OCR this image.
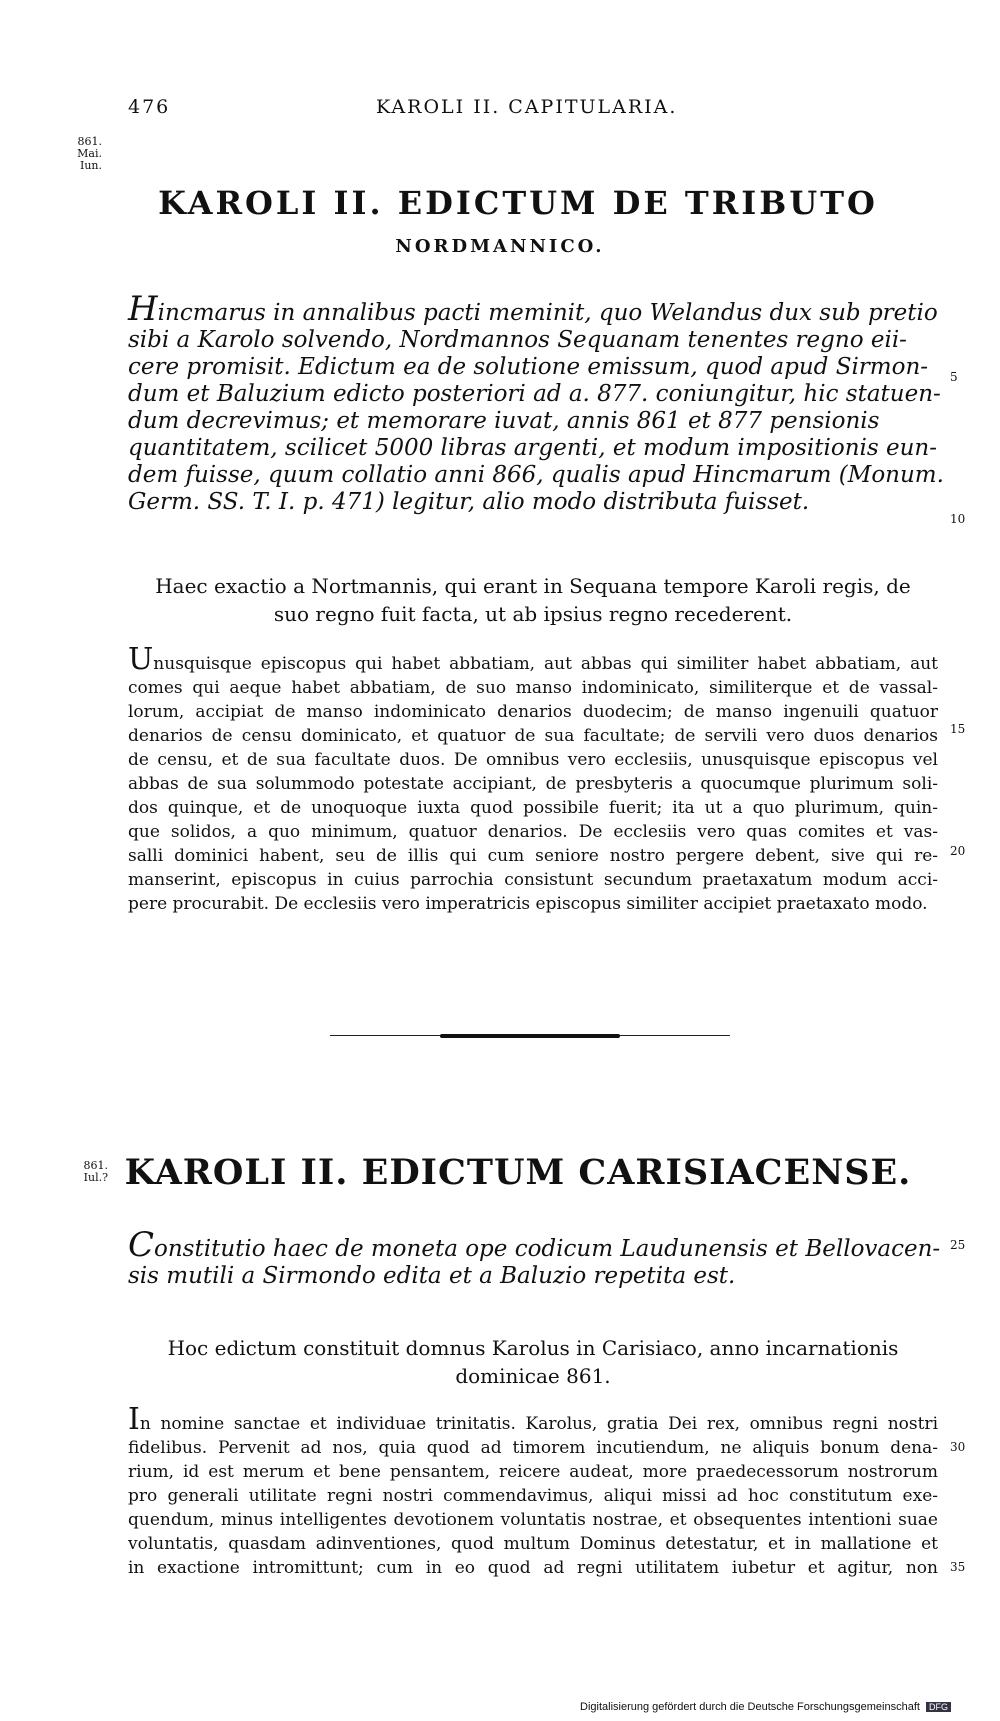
476	KAROLI II. CAPITULARIA.
861.
Mai.
Iun.
KAROLI II. EDICTUM DE TRIBUTO
NORDMANNICO.
Hincmarus in annalibus pacti meminit, quo Welandus dux sub pretio
sibi a Karolo solvendo, Nordmannos Sequanam tenentes regno eii-
cere promisit. Edictum ea de solutione emissum, quod apud Sirmon-
dum et Baluzium edicto posteriori ad a. 877. coniungitur, hic statuen-
dum decrevimus; et memorare iuvat, annis 861 et 877 pensionis
quantitatem, scilicet 5000 libras argenti, et modum impositionis eun-
dem fuisse, quum collatio anni 866, qualis apud Hincmarum (Monum.
Germ. SS. T. I. p. 471) legitur, alio modo distributa fuisset.
Haec exactio a Nortmannis, qui erant in Sequana tempore Karoli regis, de
suo regno fuit facta, ut ab ipsius regno recederent.
Unusquisque episcopus qui habet abbatiam, aut abbas qui similiter habet abbatiam, aut
comes qui aeque habet abbatiam, de suo manso indominicato, similiterque et de vassal-
lorum, accipiat de manso indominicato denarios duodecim; de manso ingenuili quatuor
denarios de censu dominicato, et quatuor de sua facultate; de servili vero duos denarios
de censu, et de sua facultate duos. De omnibus vero ecclesiis, unusquisque episcopus vel
abbas de sua solummodo potestate accipiant, de presbyteris a quocumque plurimum soli-
dos quinque, et de unoquoque iuxta quod possibile fuerit; ita ut a quo plurimum, quin-
que solidos, a quo minimum, quatuor denarios. De ecclesiis vero quas comites et vas-
salli dominici habent, seu de illis qui cum seniore nostro pergere debent, sive qui re-
manserint, episcopus in cuius parrochia consistunt secundum praetaxatum modum acci-
pere procurabit. De ecclesiis vero imperatricis episcopus similiter accipiet praetaxato modo.
5
10
15
20
861.
Iul.? KAROLI II. EDICTUM CARISIACENSE.
Constitutio haec de moneta ope codicum Laudunensis et Bellovacen-
sis mutili a Sirmondo edita et a Baluzio repetita est.
Hoc edictum constituit domnus Karolus in Carisiaco, anno incarnationis
dominicae 861.
In nomine sanctae et individuae trinitatis. Karolus, gratia Dei rex, omnibus regni nostri
fidelibus. Pervenit ad nos, quia quod ad timorem incutiendum, ne aliquis bonum dena-
rium, id est merum et bene pensantem, reicere audeat, more praedecessorum nostrorum
pro generali utilitate regni nostri commendavimus, aliqui missi ad hoc constitutum exe-
quendum, minus intelligentes devotionem voluntatis nostrae, et obsequentes intentioni suae
voluntatis, quasdam adinventiones, quod multum Dominus detestatur, et in mallatione et
in exactione intromittunt; cum in eo quod ad regni utilitatem iubetur et agitur, non
25
30
35
Digitalisierung gefördert durch die Deutsche Forschungsgemeinschaft DFG
